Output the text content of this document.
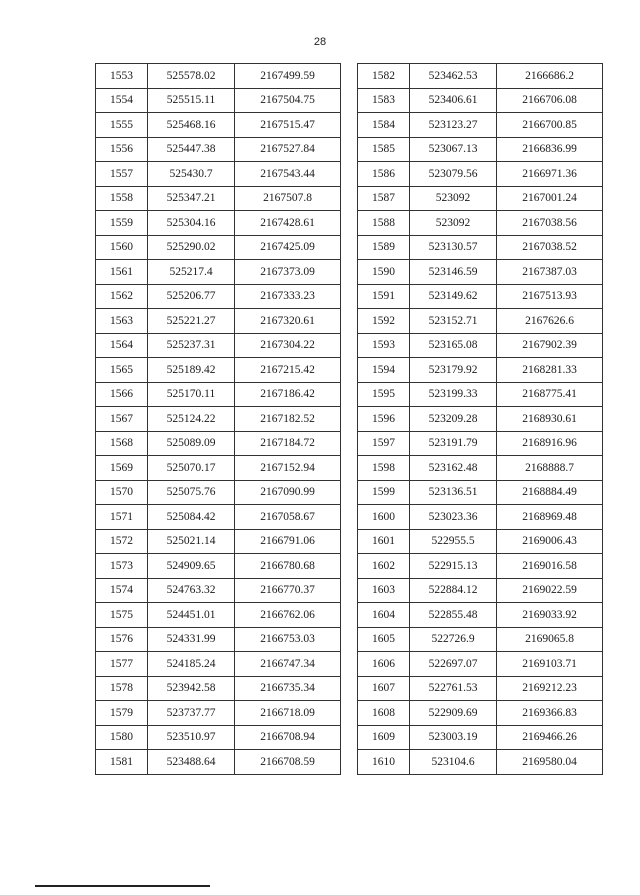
28
1553	525578.02	2167499.59
1554	525515.11	2167504.75
1555	525468.16	2167515.47
1556	525447.38	2167527.84
1557	525430.7	2167543.44
1558	525347.21	2167507.8
1559	525304.16	2167428.61
1560	525290.02	2167425.09
1561	525217.4	2167373.09
1562	525206.77	2167333.23
1563	525221.27	2167320.61
1564	525237.31	2167304.22
1565	525189.42	2167215.42
1566	525170.11	2167186.42
1567	525124.22	2167182.52
1568	525089.09	2167184.72
1569	525070.17	2167152.94
1570	525075.76	2167090.99
1571	525084.42	2167058.67
1572	525021.14	2166791.06
1573	524909.65	2166780.68
1574	524763.32	2166770.37
1575	524451.01	2166762.06
1576	524331.99	2166753.03
1577	524185.24	2166747.34
1578	523942.58	2166735.34
1579	523737.77	2166718.09
1580	523510.97	2166708.94
1581	523488.64	2166708.59
1582	523462.53	2166686.2
1583	523406.61	2166706.08
1584	523123.27	2166700.85
1585	523067.13	2166836.99
1586	523079.56	2166971.36
1587	523092	2167001.24
1588	523092	2167038.56
1589	523130.57	2167038.52
1590	523146.59	2167387.03
1591	523149.62	2167513.93
1592	523152.71	2167626.6
1593	523165.08	2167902.39
1594	523179.92	2168281.33
1595	523199.33	2168775.41
1596	523209.28	2168930.61
1597	523191.79	2168916.96
1598	523162.48	2168888.7
1599	523136.51	2168884.49
1600	523023.36	2168969.48
1601	522955.5	2169006.43
1602	522915.13	2169016.58
1603	522884.12	2169022.59
1604	522855.48	2169033.92
1605	522726.9	2169065.8
1606	522697.07	2169103.71
1607	522761.53	2169212.23
1608	522909.69	2169366.83
1609	523003.19	2169466.26
1610	523104.6	2169580.04
